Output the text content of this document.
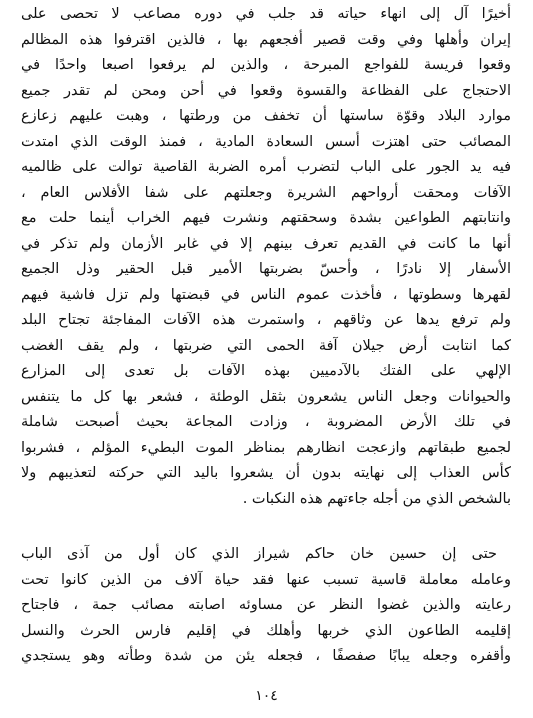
أخيرًا آل إلى انهاء حياته قد جلب في دوره مصاعب لا تحصى على
إيران وأهلها وفي وقت قصير أفجعهم بها ، فالذين اقترفوا هذه المظالم
وقعوا فريسة للفواجع المبرحة ، والذين لم يرفعوا اصبعا واحدًا في
الاحتجاج على الفظاعة والقسوة وقعوا في أحن ومحن لم تقدر جميع
موارد البلاد وقوّة ساستها أن تخفف من ورطتها ، وهبت عليهم زعازع
المصائب حتى اهتزت أسس السعادة المادية ، فمنذ الوقت الذي امتدت
فيه يد الجور على الباب لتضرب أمره الضربة القاصية توالت على ظالميه
الآفات ومحقت أرواحهم الشريرة وجعلتهم على شفا الأفلاس العام ،
وانتابتهم الطواعين بشدة وسحقتهم ونشرت فيهم الخراب أينما حلت مع
أنها ما كانت في القديم تعرف بينهم إلا في غابر الأزمان ولم تذكر في
الأسفار إلا نادرًا ، وأحسّ بضربتها الأمير قبل الحقير وذل الجميع
لقهرها وسطوتها ، فأخذت عموم الناس في قبضتها ولم تزل فاشية فيهم
ولم ترفع يدها عن وثاقهم ، واستمرت هذه الآفات المفاجئة تجتاح البلد
كما انتابت أرض جيلان آفة الحمى التي ضربتها ، ولم يقف الغضب
الإلهي على الفتك بالآدميين بهذه الآفات بل تعدى إلى المزارع
والحيوانات وجعل الناس يشعرون بثقل الوطئة ، فشعر بها كل ما يتنفس
في تلك الأرض المضروبة ، وزادت المجاعة بحيث أصبحت شاملة
لجميع طبقاتهم وازعجت انظارهم بمناظر الموت البطيء المؤلم ، فشربوا
كأس العذاب إلى نهايته بدون أن يشعروا باليد التي حركته لتعذيبهم ولا
بالشخص الذي من أجله جاءتهم هذه النكبات .
حتى إن حسين خان حاكم شيراز الذي كان أول من آذى الباب
وعامله معاملة قاسية تسبب عنها فقد حياة آلاف من الذين كانوا تحت
رعايته والذين غضوا النظر عن مساوئه اصابته مصائب جمة ، فاجتاح
إقليمه الطاعون الذي خربها وأهلك في إقليم فارس الحرث والنسل
وأقفره وجعله يبابًا صفصفًا ، فجعله يئن من شدة وطأته وهو يستجدي
١٠٤
